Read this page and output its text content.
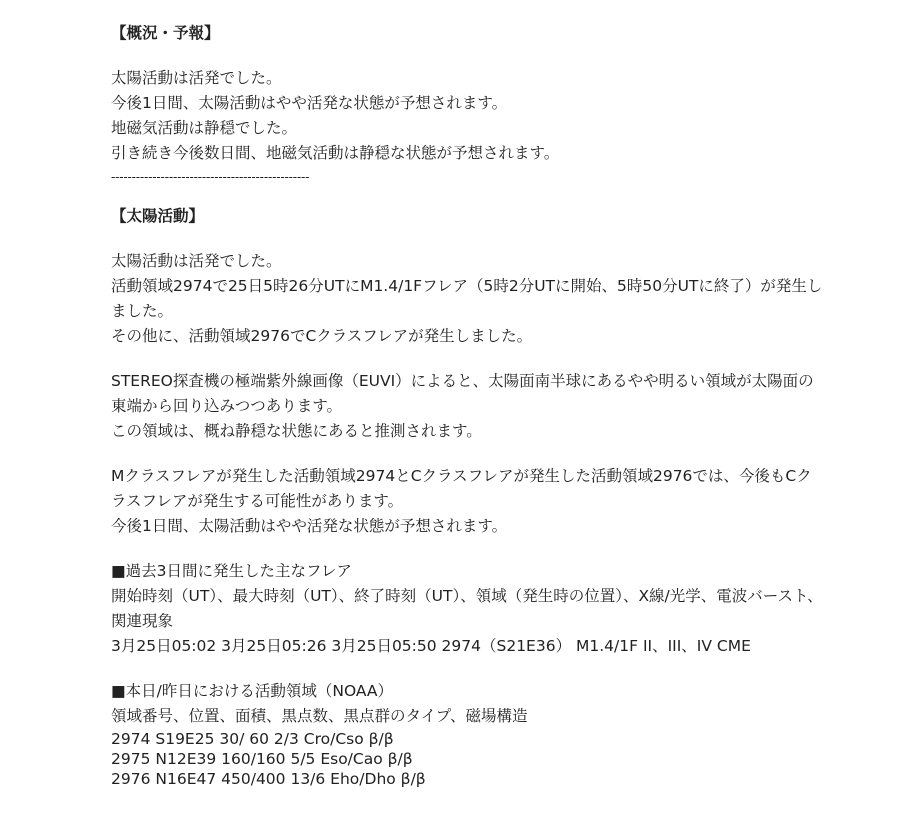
【概況・予報】
太陽活動は活発でした。
今後1日間、太陽活動はやや活発な状態が予想されます。
地磁気活動は静穏でした。
引き続き今後数日間、地磁気活動は静穏な状態が予想されます。
------------------------------------------------
【太陽活動】
太陽活動は活発でした。
活動領域2974で25日5時26分UTにM1.4/1Fフレア（5時2分UTに開始、5時50分UTに終了）が発生しました。
その他に、活動領域2976でCクラスフレアが発生しました。
STEREO探査機の極端紫外線画像（EUVI）によると、太陽面南半球にあるやや明るい領域が太陽面の東端から回り込みつつあります。
この領域は、概ね静穏な状態にあると推測されます。
Mクラスフレアが発生した活動領域2974とCクラスフレアが発生した活動領域2976では、今後もCクラスフレアが発生する可能性があります。
今後1日間、太陽活動はやや活発な状態が予想されます。
■過去3日間に発生した主なフレア
開始時刻（UT）、最大時刻（UT）、終了時刻（UT）、領域（発生時の位置）、X線/光学、電波バースト、関連現象
3月25日05:02 3月25日05:26 3月25日05:50 2974（S21E36） M1.4/1F II、III、IV CME
■本日/昨日における活動領域（NOAA）
領域番号、位置、面積、黒点数、黒点群のタイプ、磁場構造
2974 S19E25 30/ 60 2/3 Cro/Cso β/β
2975 N12E39 160/160 5/5 Eso/Cao β/β
2976 N16E47 450/400 13/6 Eho/Dho β/β
